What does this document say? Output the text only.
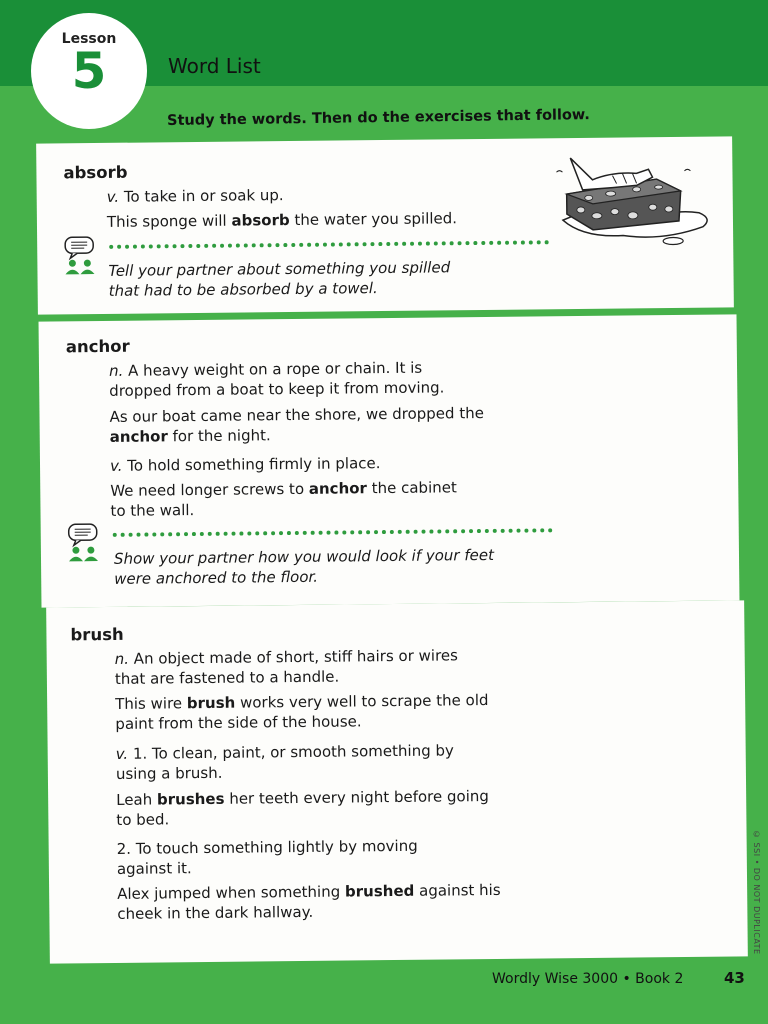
Lesson
5	Word List
Study the words. Then do the exercises that follow.
absorb
v. To take in or soak up.
This sponge will absorb the water you spilled.
Tell your partner about something you spilled
that had to be absorbed by a towel.
anchor
n. A heavy weight on a rope or chain. It is
dropped from a boat to keep it from moving.
As our boat came near the shore, we dropped the
anchor for the night.
v. To hold something firmly in place.
We need longer screws to anchor the cabinet
to the wall.
Show your partner how you would look if your feet
were anchored to the floor.
brush
n. An object made of short, stiff hairs or wires
that are fastened to a handle.
This wire brush works very well to scrape the old
paint from the side of the house.
v. 1. To clean, paint, or smooth something by
using a brush.
Leah brushes her teeth every night before going
to bed.
2. To touch something lightly by moving
against it.
Alex jumped when something brushed against his
cheek in the dark hallway.	© SSI • DO NOT DUPLICATE
Wordly Wise 3000 • Book 2	43
